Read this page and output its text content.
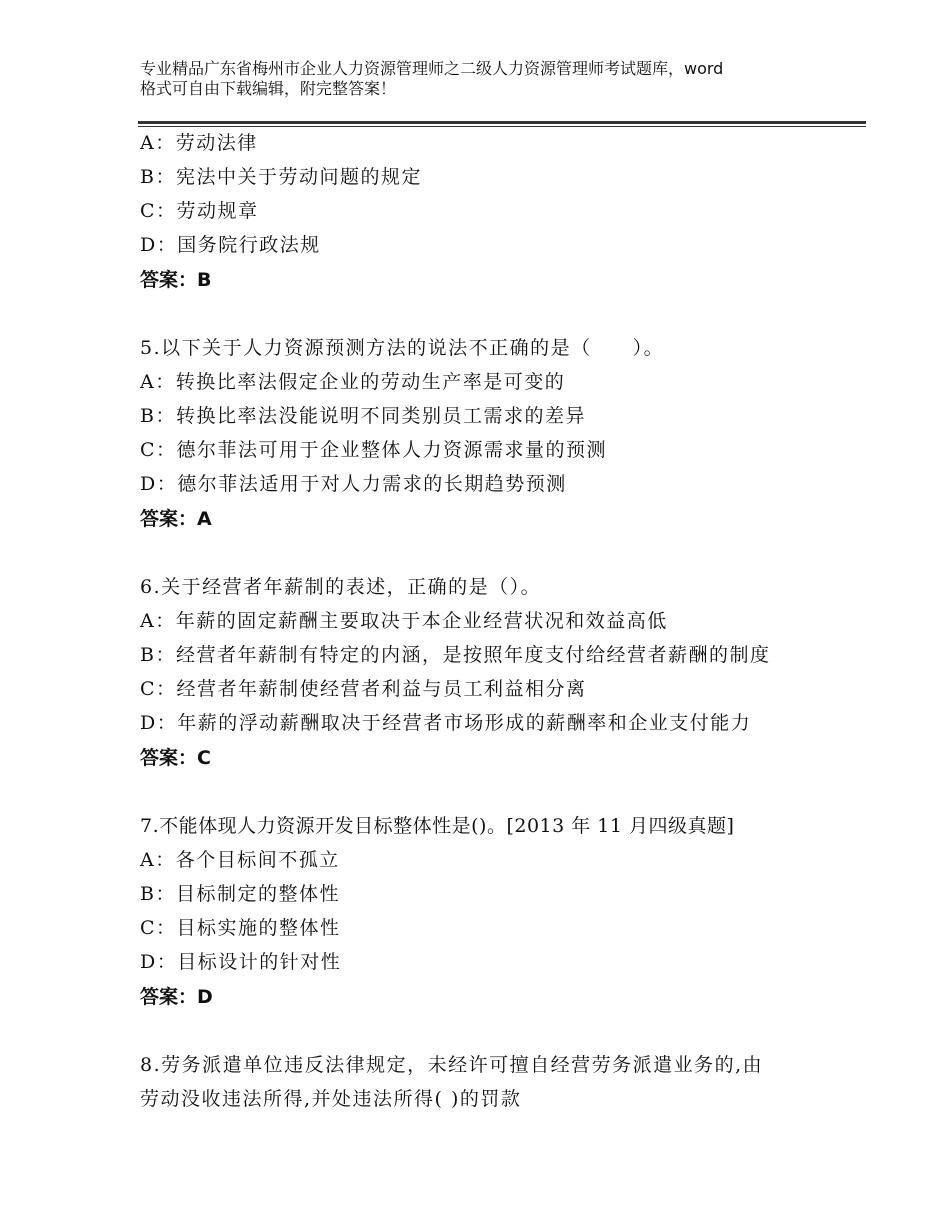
专业精品广东省梅州市企业人力资源管理师之二级人力资源管理师考试题库，word
格式可自由下载编辑，附完整答案！
A：劳动法律
B：宪法中关于劳动问题的规定
C：劳动规章
D：国务院行政法规
答案：B
5.以下关于人力资源预测方法的说法不正确的是（　　）。
A：转换比率法假定企业的劳动生产率是可变的
B：转换比率法没能说明不同类别员工需求的差异
C：德尔菲法可用于企业整体人力资源需求量的预测
D：德尔菲法适用于对人力需求的长期趋势预测
答案：A
6.关于经营者年薪制的表述，正确的是（）。
A：年薪的固定薪酬主要取决于本企业经营状况和效益高低
B：经营者年薪制有特定的内涵，是按照年度支付给经营者薪酬的制度
C：经营者年薪制使经营者利益与员工利益相分离
D：年薪的浮动薪酬取决于经营者市场形成的薪酬率和企业支付能力
答案：C
7.不能体现人力资源开发目标整体性是()。[2013 年 11 月四级真题]
A：各个目标间不孤立
B：目标制定的整体性
C：目标实施的整体性
D：目标设计的针对性
答案：D
8.劳务派遣单位违反法律规定，未经许可擅自经营劳务派遣业务的,由
劳动没收违法所得,并处违法所得( )的罚款
